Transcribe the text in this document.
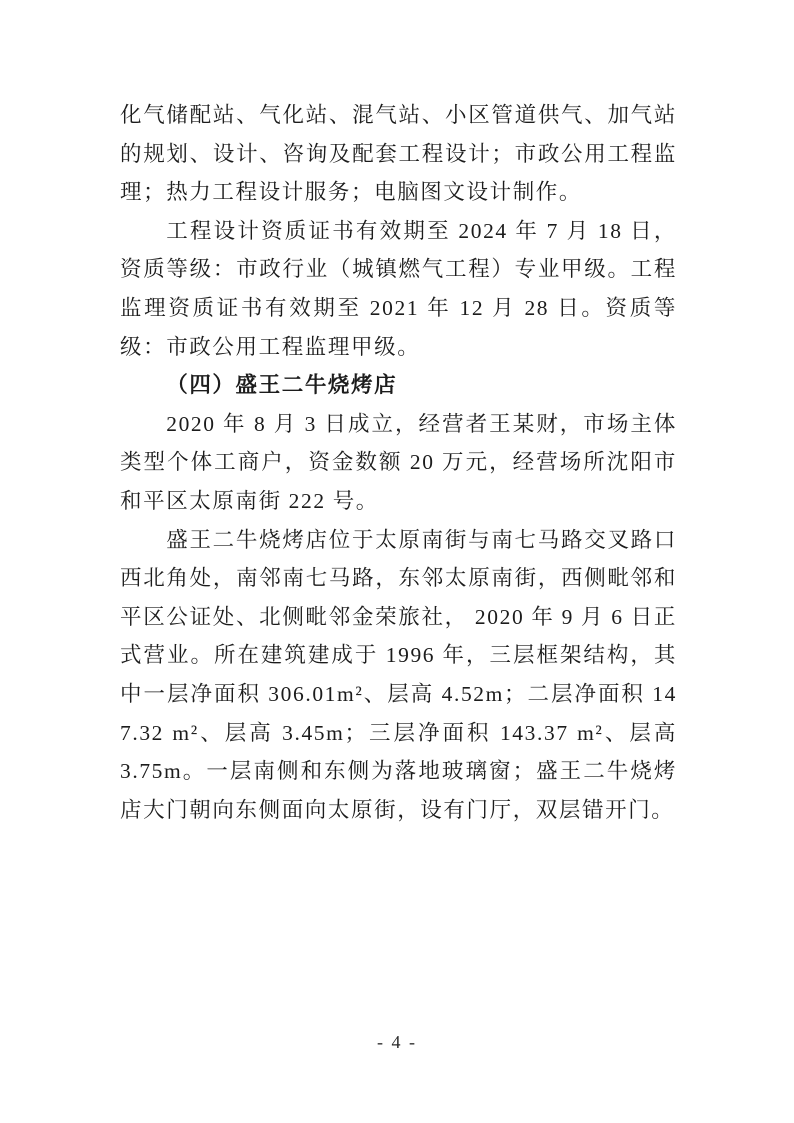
化气储配站、气化站、混气站、小区管道供气、加气站的规划、设计、咨询及配套工程设计；市政公用工程监理；热力工程设计服务；电脑图文设计制作。

工程设计资质证书有效期至 2024 年 7 月 18 日，资质等级：市政行业（城镇燃气工程）专业甲级。工程监理资质证书有效期至 2021 年 12 月 28 日。资质等级：市政公用工程监理甲级。

（四）盛王二牛烧烤店

2020 年 8 月 3 日成立，经营者王某财，市场主体类型个体工商户，资金数额 20 万元，经营场所沈阳市和平区太原南街 222 号。

盛王二牛烧烤店位于太原南街与南七马路交叉路口西北角处，南邻南七马路，东邻太原南街，西侧毗邻和平区公证处、北侧毗邻金荣旅社， 2020 年 9 月 6 日正式营业。所在建筑建成于 1996 年，三层框架结构，其中一层净面积 306.01m²、层高 4.52m；二层净面积 147.32 m²、层高 3.45m；三层净面积 143.37 m²、层高 3.75m。一层南侧和东侧为落地玻璃窗；盛王二牛烧烤店大门朝向东侧面向太原街，设有门厅，双层错开门。

- 4 -
